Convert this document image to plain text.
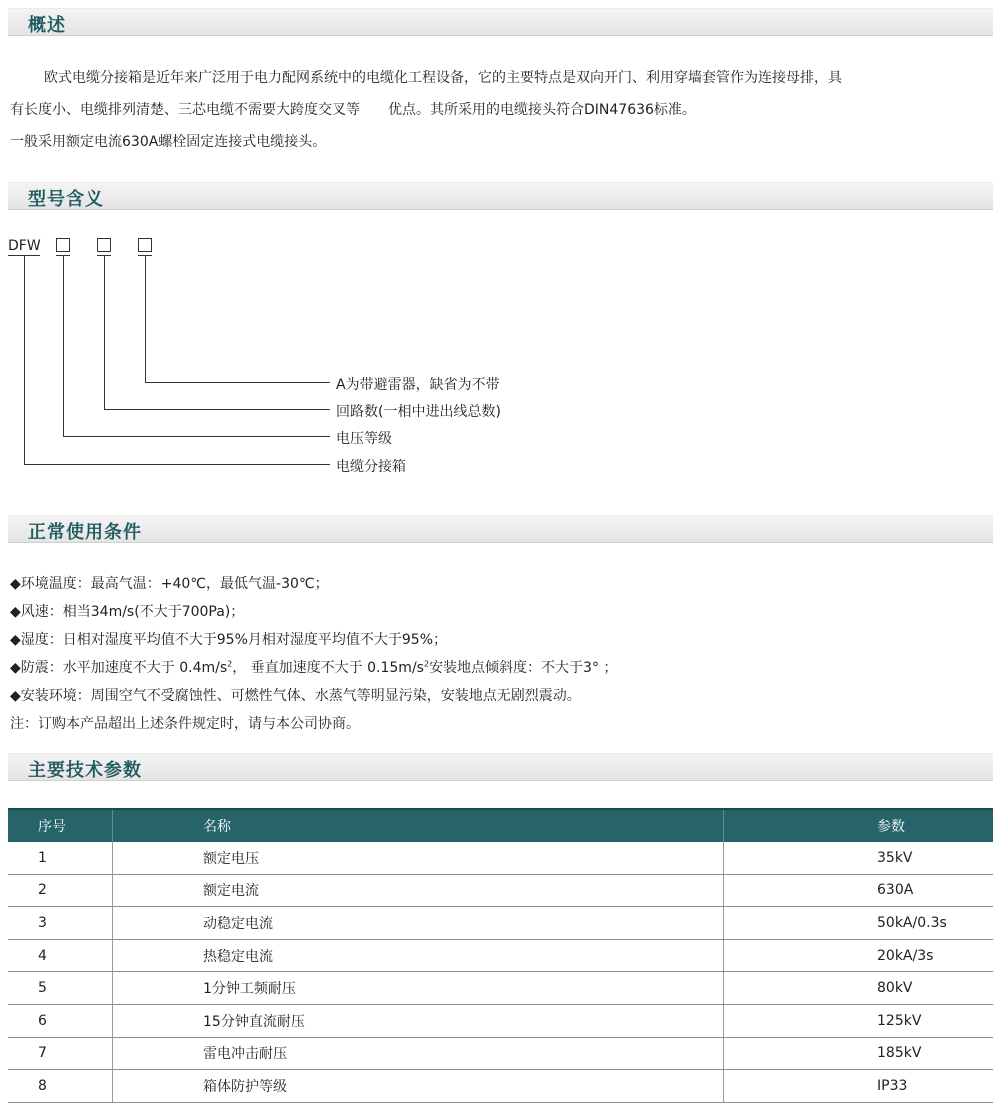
概述
欧式电缆分接箱是近年来广泛用于电力配网系统中的电缆化工程设备，它的主要特点是双向开门、利用穿墙套管作为连接母排，具
有长度小、电缆排列清楚、三芯电缆不需要大跨度交叉等　　优点。其所采用的电缆接头符合DIN47636标准。
一般采用额定电流630A螺栓固定连接式电缆接头。
型号含义
DFW
A为带避雷器，缺省为不带
回路数(一相中进出线总数)
电压等级
电缆分接箱
正常使用条件
◆环境温度：最高气温：+40℃，最低气温-30℃；
◆风速：相当34m/s(不大于700Pa)；
◆湿度：日相对湿度平均值不大于95%月相对湿度平均值不大于95%；
◆防震：水平加速度不大于 $0.4m/s^2$， 垂直加速度不大于 $0.15m/s^2$安装地点倾斜度：不大于3° ；
◆安装环境：周围空气不受腐蚀性、可燃性气体、水蒸气等明显污染，安装地点无剧烈震动。
注：订购本产品超出上述条件规定时，请与本公司协商。
主要技术参数
序号	名称	参数
1	额定电压	35kV
2	额定电流	630A
3	动稳定电流	50kA/0.3s
4	热稳定电流	20kA/3s
5	1分钟工频耐压	80kV
6	15分钟直流耐压	125kV
7	雷电冲击耐压	185kV
8	箱体防护等级	IP33
